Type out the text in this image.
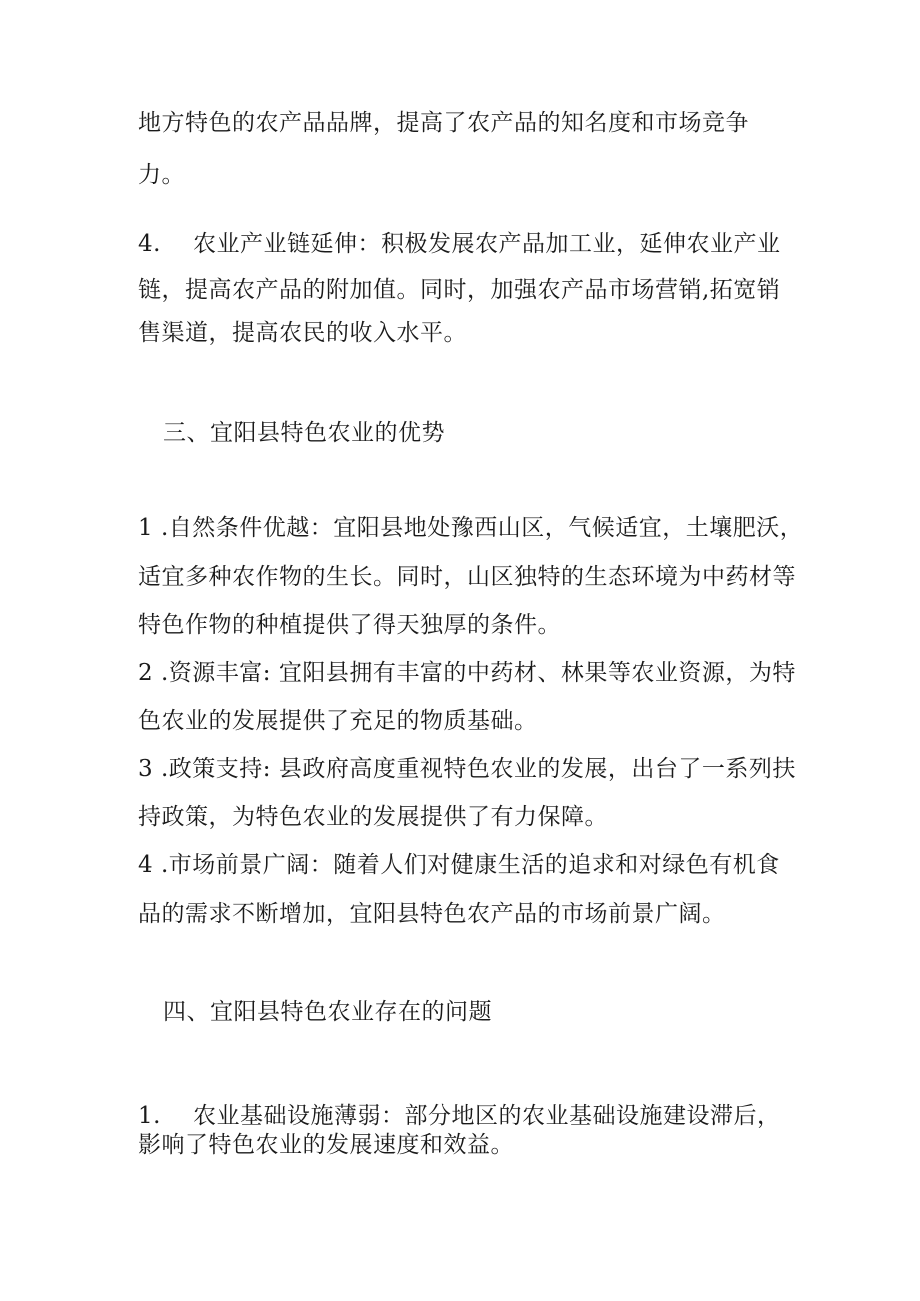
地方特色的农产品品牌，提高了农产品的知名度和市场竞争
力。
4. 农业产业链延伸：积极发展农产品加工业，延伸农业产业
链，提高农产品的附加值。同时，加强农产品市场营销,拓宽销
售渠道，提高农民的收入水平。
三、宜阳县特色农业的优势
1 .自然条件优越：宜阳县地处豫西山区，气候适宜，土壤肥沃，
适宜多种农作物的生长。同时，山区独特的生态环境为中药材等
特色作物的种植提供了得天独厚的条件。
2 .资源丰富: 宜阳县拥有丰富的中药材、林果等农业资源，为特
色农业的发展提供了充足的物质基础。
3 .政策支持: 县政府高度重视特色农业的发展，出台了一系列扶
持政策，为特色农业的发展提供了有力保障。
4 .市场前景广阔：随着人们对健康生活的追求和对绿色有机食
品的需求不断增加，宜阳县特色农产品的市场前景广阔。
四、宜阳县特色农业存在的问题
1. 农业基础设施薄弱：部分地区的农业基础设施建设滞后，
影响了特色农业的发展速度和效益。
